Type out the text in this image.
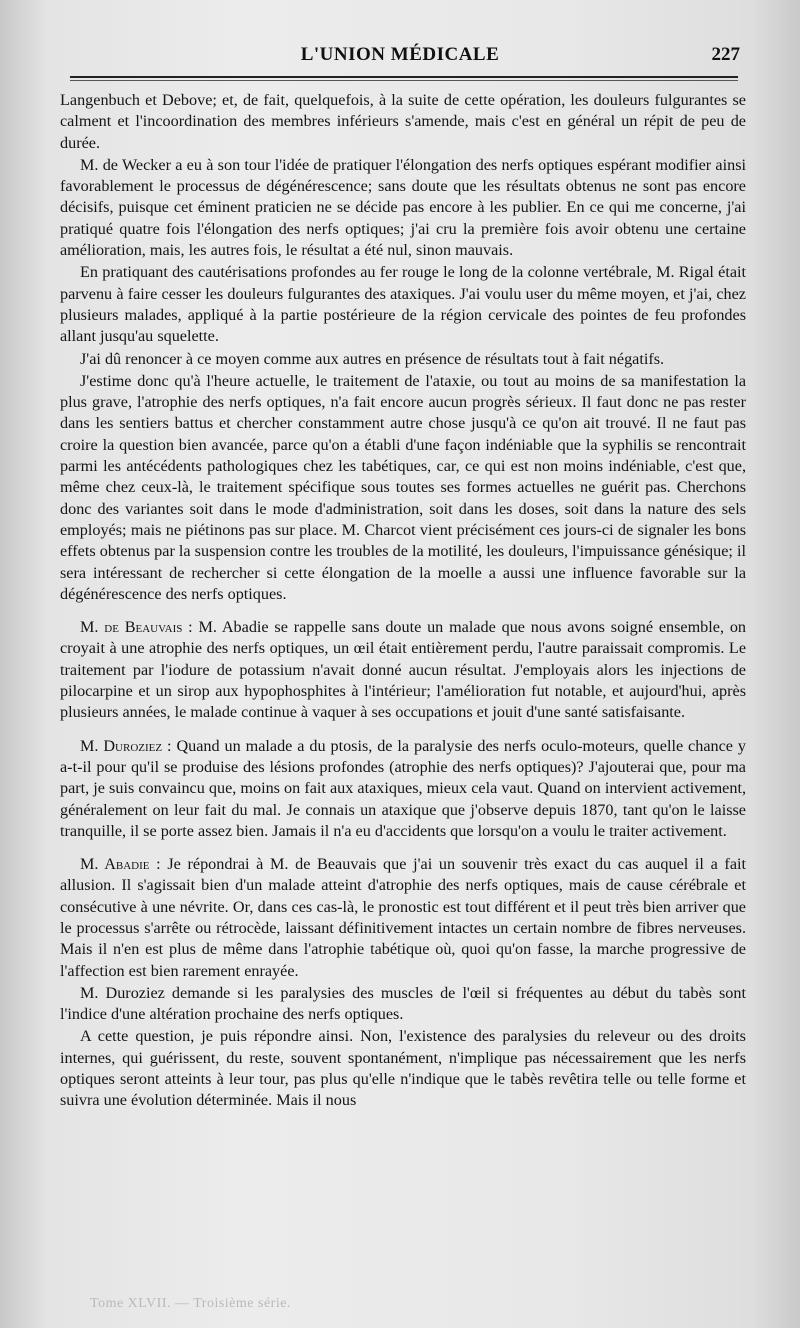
L'UNION MÉDICALE	227

Langenbuch et Debove; et, de fait, quelquefois, à la suite de cette opération, les douleurs fulgurantes se calment et l'incoordination des membres inférieurs s'amende, mais c'est en général un répit de peu de durée.

M. de Wecker a eu à son tour l'idée de pratiquer l'élongation des nerfs optiques espérant modifier ainsi favorablement le processus de dégénérescence; sans doute que les résultats obtenus ne sont pas encore décisifs, puisque cet éminent praticien ne se décide pas encore à les publier. En ce qui me concerne, j'ai pratiqué quatre fois l'élongation des nerfs optiques; j'ai cru la première fois avoir obtenu une certaine amélioration, mais, les autres fois, le résultat a été nul, sinon mauvais.

En pratiquant des cautérisations profondes au fer rouge le long de la colonne vertébrale, M. Rigal était parvenu à faire cesser les douleurs fulgurantes des ataxiques. J'ai voulu user du même moyen, et j'ai, chez plusieurs malades, appliqué à la partie postérieure de la région cervicale des pointes de feu profondes allant jusqu'au squelette.

J'ai dû renoncer à ce moyen comme aux autres en présence de résultats tout à fait négatifs.

J'estime donc qu'à l'heure actuelle, le traitement de l'ataxie, ou tout au moins de sa manifestation la plus grave, l'atrophie des nerfs optiques, n'a fait encore aucun progrès sérieux. Il faut donc ne pas rester dans les sentiers battus et chercher constamment autre chose jusqu'à ce qu'on ait trouvé. Il ne faut pas croire la question bien avancée, parce qu'on a établi d'une façon indéniable que la syphilis se rencontrait parmi les antécédents pathologiques chez les tabétiques, car, ce qui est non moins indéniable, c'est que, même chez ceux-là, le traitement spécifique sous toutes ses formes actuelles ne guérit pas. Cherchons donc des variantes soit dans le mode d'administration, soit dans les doses, soit dans la nature des sels employés; mais ne piétinons pas sur place. M. Charcot vient précisément ces jours-ci de signaler les bons effets obtenus par la suspension contre les troubles de la motilité, les douleurs, l'impuissance génésique; il sera intéressant de rechercher si cette élongation de la moelle a aussi une influence favorable sur la dégénérescence des nerfs optiques.

M. de Beauvais : M. Abadie se rappelle sans doute un malade que nous avons soigné ensemble, on croyait à une atrophie des nerfs optiques, un œil était entièrement perdu, l'autre paraissait compromis. Le traitement par l'iodure de potassium n'avait donné aucun résultat. J'employais alors les injections de pilocarpine et un sirop aux hypophosphites à l'intérieur; l'amélioration fut notable, et aujourd'hui, après plusieurs années, le malade continue à vaquer à ses occupations et jouit d'une santé satisfaisante.

M. Duroziez : Quand un malade a du ptosis, de la paralysie des nerfs oculo-moteurs, quelle chance y a-t-il pour qu'il se produise des lésions profondes (atrophie des nerfs optiques)? J'ajouterai que, pour ma part, je suis convaincu que, moins on fait aux ataxiques, mieux cela vaut. Quand on intervient activement, généralement on leur fait du mal. Je connais un ataxique que j'observe depuis 1870, tant qu'on le laisse tranquille, il se porte assez bien. Jamais il n'a eu d'accidents que lorsqu'on a voulu le traiter activement.

M. Abadie : Je répondrai à M. de Beauvais que j'ai un souvenir très exact du cas auquel il a fait allusion. Il s'agissait bien d'un malade atteint d'atrophie des nerfs optiques, mais de cause cérébrale et consécutive à une névrite. Or, dans ces cas-là, le pronostic est tout différent et il peut très bien arriver que le processus s'arrête ou rétrocède, laissant définitivement intactes un certain nombre de fibres nerveuses. Mais il n'en est plus de même dans l'atrophie tabétique où, quoi qu'on fasse, la marche progressive de l'affection est bien rarement enrayée.

M. Duroziez demande si les paralysies des muscles de l'œil si fréquentes au début du tabès sont l'indice d'une altération prochaine des nerfs optiques.

A cette question, je puis répondre ainsi. Non, l'existence des paralysies du releveur ou des droits internes, qui guérissent, du reste, souvent spontanément, n'implique pas nécessairement que les nerfs optiques seront atteints à leur tour, pas plus qu'elle n'indique que le tabès revêtira telle ou telle forme et suivra une évolution déterminée. Mais il nous

Tome XLVII. — Troisième série.
